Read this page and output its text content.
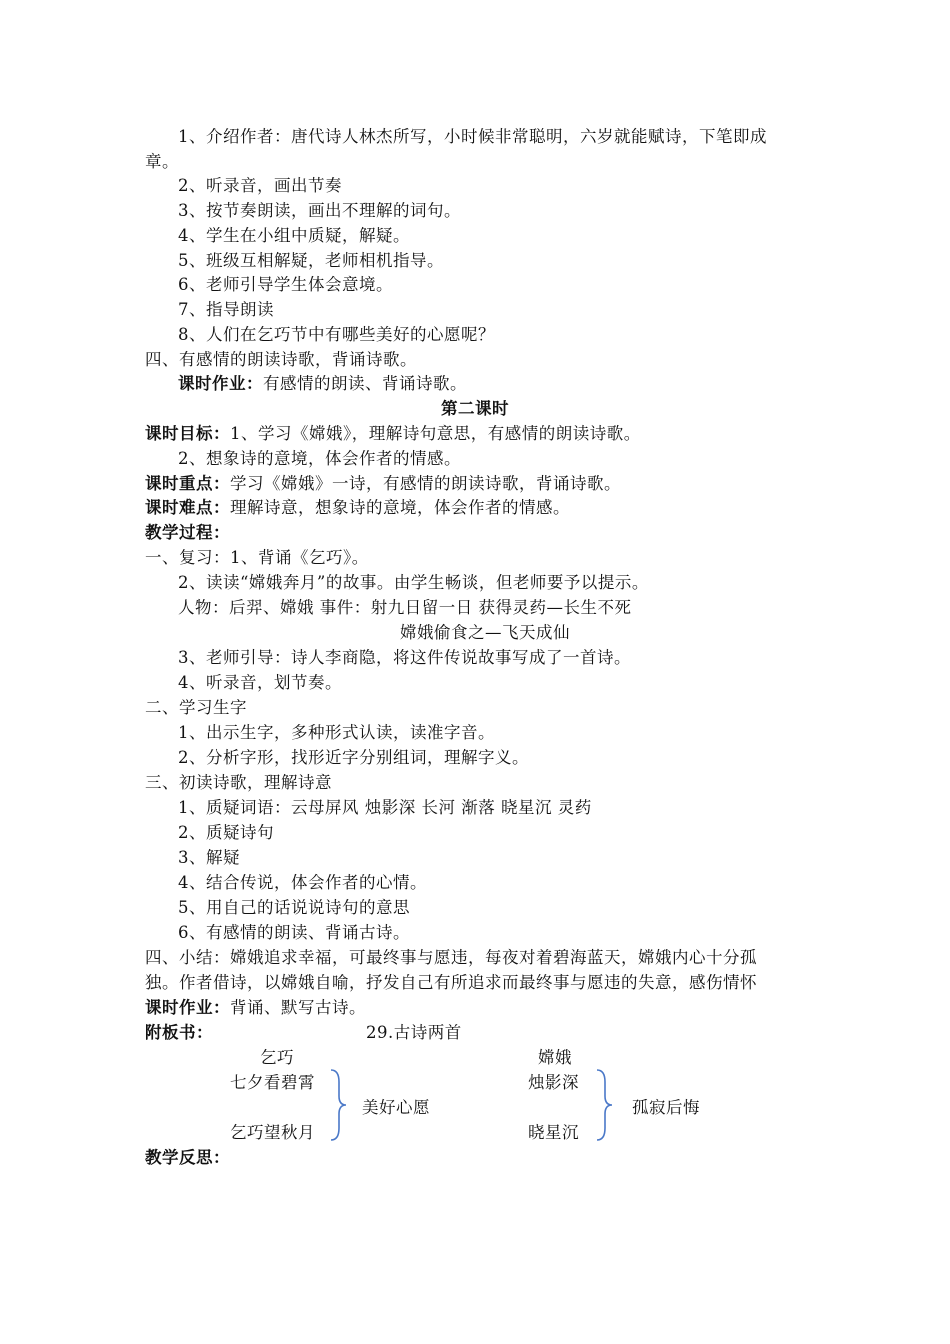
1、介绍作者：唐代诗人林杰所写，小时候非常聪明，六岁就能赋诗，下笔即成
章。
2、听录音，画出节奏
3、按节奏朗读，画出不理解的词句。
4、学生在小组中质疑，解疑。
5、班级互相解疑，老师相机指导。
6、老师引导学生体会意境。
7、指导朗读
8、人们在乞巧节中有哪些美好的心愿呢？
四、有感情的朗读诗歌，背诵诗歌。
课时作业：有感情的朗读、背诵诗歌。
第二课时
课时目标：1、学习《嫦娥》，理解诗句意思，有感情的朗读诗歌。
2、想象诗的意境，体会作者的情感。
课时重点：学习《嫦娥》一诗，有感情的朗读诗歌，背诵诗歌。
课时难点：理解诗意，想象诗的意境，体会作者的情感。
教学过程：
一、复习：1、背诵《乞巧》。
2、读读“嫦娥奔月”的故事。由学生畅谈，但老师要予以提示。
人物：后羿、嫦娥 事件：射九日留一日 获得灵药—长生不死
嫦娥偷食之—飞天成仙
3、老师引导：诗人李商隐，将这件传说故事写成了一首诗。
4、听录音，划节奏。
二、学习生字
1、出示生字，多种形式认读，读准字音。
2、分析字形，找形近字分别组词，理解字义。
三、初读诗歌，理解诗意
1、质疑词语：云母屏风 烛影深 长河 渐落 晓星沉 灵药
2、质疑诗句
3、解疑
4、结合传说，体会作者的心情。
5、用自己的话说说诗句的意思
6、有感情的朗读、背诵古诗。
四、小结：嫦娥追求幸福，可最终事与愿违，每夜对着碧海蓝天，嫦娥内心十分孤
独。作者借诗，以嫦娥自喻，抒发自己有所追求而最终事与愿违的失意，感伤情怀
课时作业：背诵、默写古诗。
附板书：	29.古诗两首
乞巧
七夕看碧霄
乞巧望秋月
美好心愿
嫦娥
烛影深
晓星沉
孤寂后悔
教学反思：
